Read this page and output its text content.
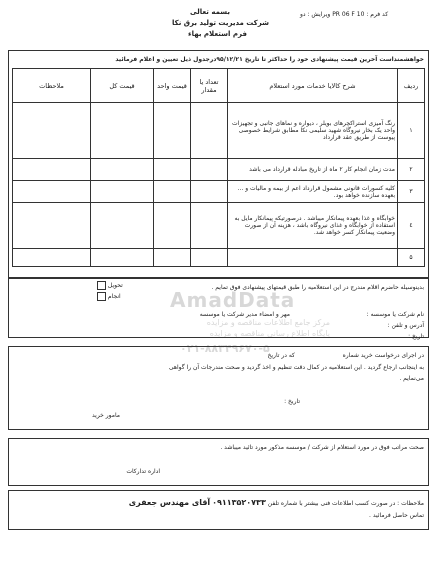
AmadData
مرکز جامع اطلاعات مناقصه و مزایده
پایگاه اطلاع رسانی مناقصه و مزایده
۰۲۱-۸۸۳۴۹۶۷۰-۵
بسمه تعالی
شرکت مدیریت تولید برق نکا
فرم استعلام بهاء
کد فرم : PR 06 F 10 ویرایش : دو
خواهشمنداست آخرین قیمت پیشنهادی خود را حداکثر تا تاریخ ۹۵/۱۲/۲۱درجدول ذیل تعیین و اعلام فرمائید
ردیف	شرح کالایا خدمات مورد استعلام	تعداد یا مقدار	قیمت واحد	قیمت کل	ملاحظات
۱	رنگ آمیزی استراکچرهای بویلر ، دیواره و نماهای جانبی و تجهیزات واحد یک بخار نیروگاه شهید سلیمی نکا مطابق شرایط خصوصی پیوست از طریق عقد قرارداد				
۲	مدت زمان انجام کار ۲ ماه از تاریخ مبادله قرارداد می باشد				
۳	کلیه کسورات قانونی مشمول قرارداد اعم از بیمه و مالیات و ... بعهده سازنده خواهد بود.				
٤	خوابگاه و غذا بعهده پیمانکار میباشد . درصورتیکه پیمانکار مایل به استفاده از خوابگاه و غذای نیروگاه باشد ، هزینه آن از صورت وضعیت پیمانکار کسر خواهد شد.				
۵					
بدینوسیله حاضرم اقلام مندرج در این استعلامیه را طبق قیمتهای پیشنهادی فوق تمایم .
تحویل
انجام
نام شرکت یا موسسه :
مهر و امضاء مدیر شرکت یا موسسه
آدرس و تلفن :
تاریخ :
در اجرای درخواست خرید شماره                         که در تاریخ
به اینجانب ارجاع گردید . این استعلامیه در کمال دقت تنظیم و اخذ گردید و صحت مندرجات آن را گواهی
می‌نمایم .
تاریخ :
مامور خرید
صحت مراتب فوق در مورد استعلام از شرکت / موسسه مذکور مورد تائید میباشد .
اداره تدارکات
ملاحظات : در صورت کسب اطلاعات فنی بیشتر با شماره تلفن ۰۹۱۱۳۵۲۰۷۳۳ آقای مهندس جعفری
تماس حاصل فرمائید .
